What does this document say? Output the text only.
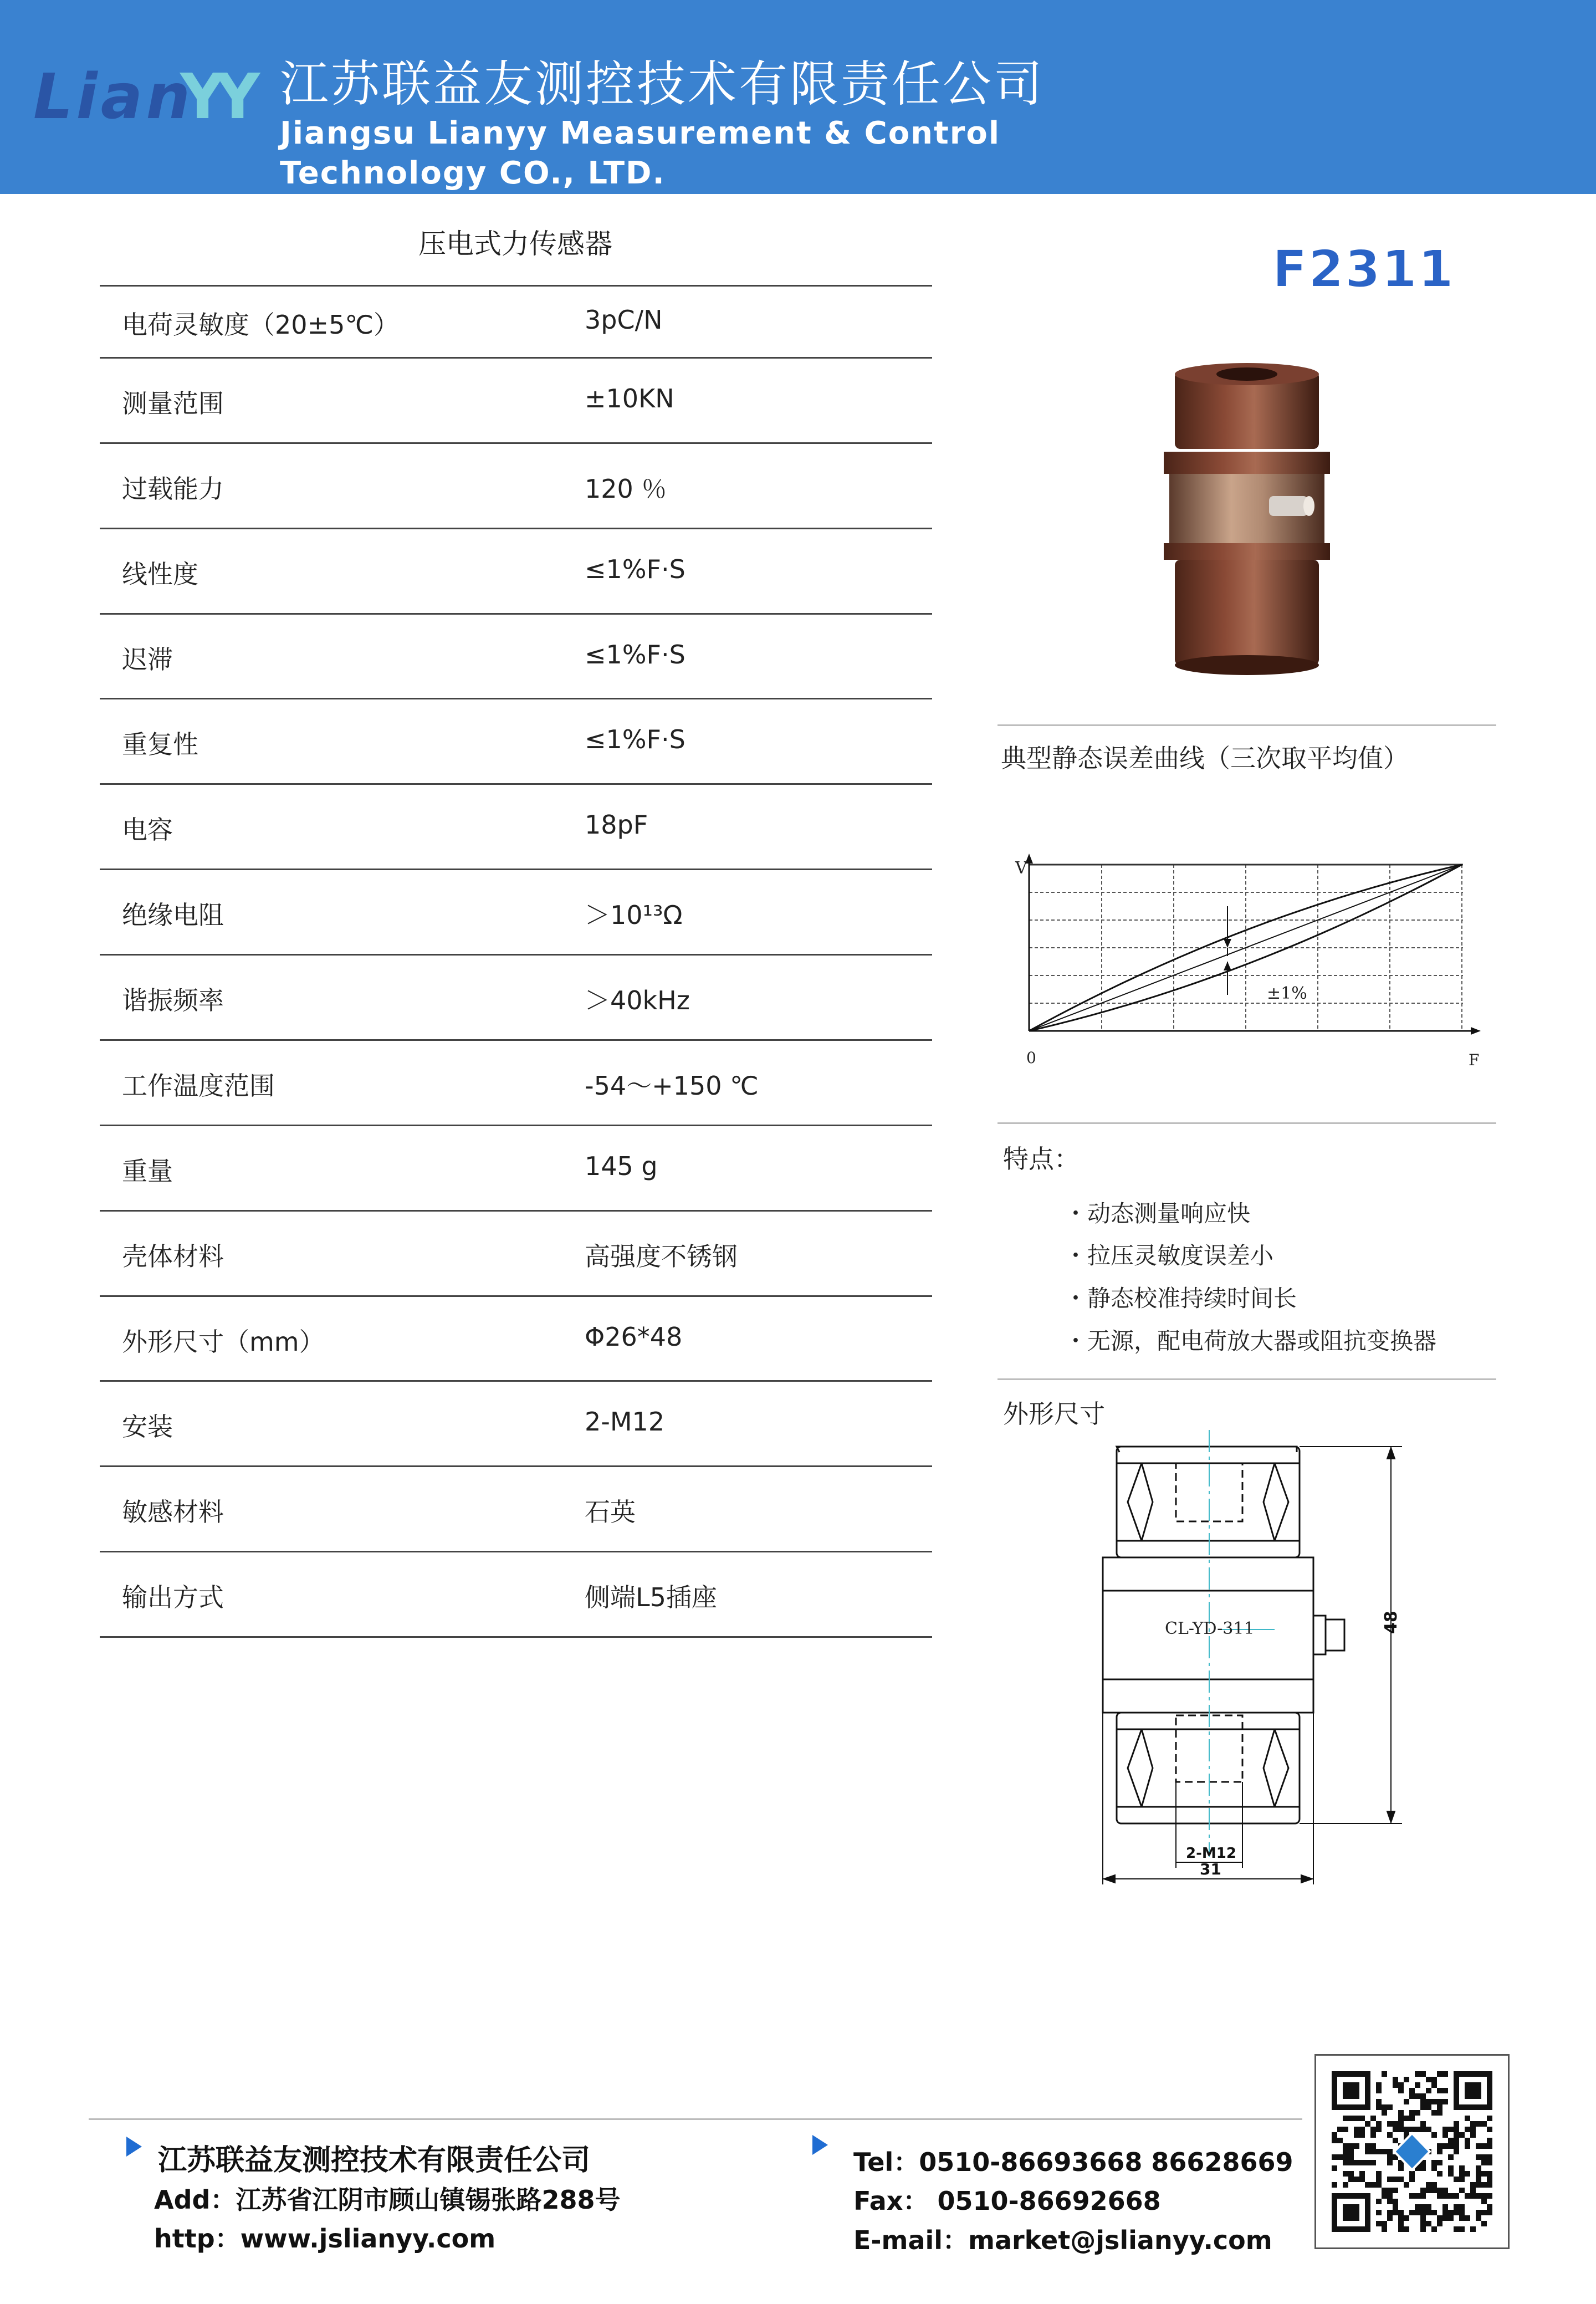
Lian
YY 江苏联益友测控技术有限责任公司
Jiangsu Lianyy Measurement & Control Technology CO., LTD.
压电式力传感器
电荷灵敏度（20±5℃）	3pC/N
测量范围	±10KN
过载能力	120 ％
线性度	≤1%F·S
迟滞	≤1%F·S
重复性	≤1%F·S
电容	18pF
绝缘电阻	＞10¹³Ω
谐振频率	＞40kHz
工作温度范围	-54～+150 ℃
重量	145 g
壳体材料	高强度不锈钢
外形尺寸（mm）	Φ26*48
安装	2-M12
敏感材料	石英
输出方式	侧端L5插座
F2311
典型静态误差曲线（三次取平均值）
V
0	F
±1%
特点：
・动态测量响应快
・拉压灵敏度误差小
・静态校准持续时间长
・无源，配电荷放大器或阻抗变换器
外形尺寸
CL-YD-311	48
2-M12
31
江苏联益友测控技术有限责任公司
Add：江苏省江阴市顾山镇锡张路288号
http：www.jslianyy.com
Tel：0510-86693668 86628669
Fax： 0510-86692668
E-mail：market@jslianyy.com
